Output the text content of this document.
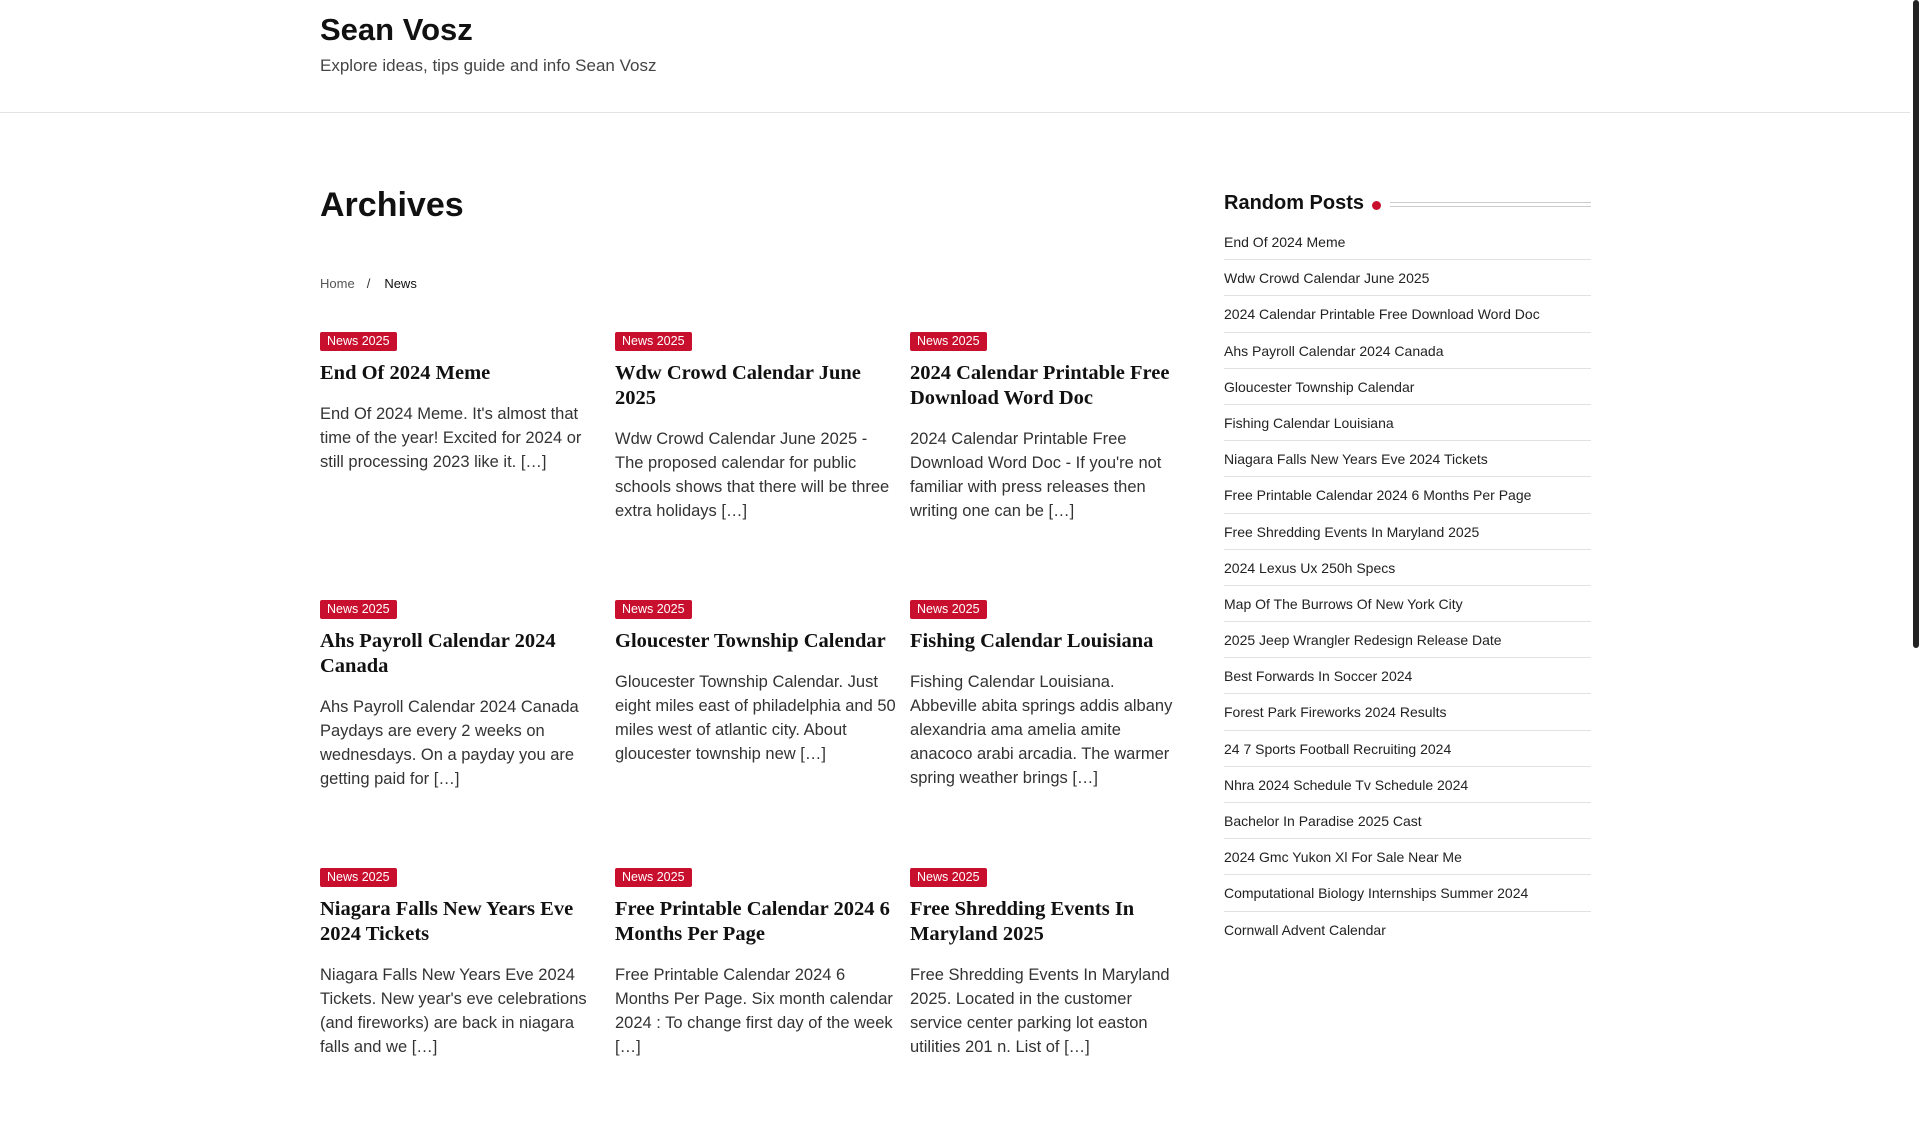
Sean Vosz
Explore ideas, tips guide and info Sean Vosz
Archives
Home / News
News 2025
End Of 2024 Meme

End Of 2024 Meme. It's almost that time of the year! Excited for 2024 or still processing 2023 like it. […]

News 2025
Wdw Crowd Calendar June 2025

Wdw Crowd Calendar June 2025 - The proposed calendar for public schools shows that there will be three extra holidays […]

News 2025
2024 Calendar Printable Free Download Word Doc

2024 Calendar Printable Free Download Word Doc - If you're not familiar with press releases then writing one can be […]

News 2025
Ahs Payroll Calendar 2024 Canada

Ahs Payroll Calendar 2024 Canada Paydays are every 2 weeks on wednesdays. On a payday you are getting paid for […]

News 2025
Gloucester Township Calendar

Gloucester Township Calendar. Just eight miles east of philadelphia and 50 miles west of atlantic city. About gloucester township new […]

News 2025
Fishing Calendar Louisiana

Fishing Calendar Louisiana. Abbeville abita springs addis albany alexandria ama amelia amite anacoco arabi arcadia. The warmer spring weather brings […]

News 2025
Niagara Falls New Years Eve 2024 Tickets

Niagara Falls New Years Eve 2024 Tickets. New year's eve celebrations (and fireworks) are back in niagara falls and we […]

News 2025
Free Printable Calendar 2024 6 Months Per Page

Free Printable Calendar 2024 6 Months Per Page. Six month calendar 2024 : To change first day of the week […]

News 2025
Free Shredding Events In Maryland 2025

Free Shredding Events In Maryland 2025. Located in the customer service center parking lot easton utilities 201 n. List of […]

Random Posts
End Of 2024 Meme
Wdw Crowd Calendar June 2025
2024 Calendar Printable Free Download Word Doc
Ahs Payroll Calendar 2024 Canada
Gloucester Township Calendar
Fishing Calendar Louisiana
Niagara Falls New Years Eve 2024 Tickets
Free Printable Calendar 2024 6 Months Per Page
Free Shredding Events In Maryland 2025
2024 Lexus Ux 250h Specs
Map Of The Burrows Of New York City
2025 Jeep Wrangler Redesign Release Date
Best Forwards In Soccer 2024
Forest Park Fireworks 2024 Results
24 7 Sports Football Recruiting 2024
Nhra 2024 Schedule Tv Schedule 2024
Bachelor In Paradise 2025 Cast
2024 Gmc Yukon Xl For Sale Near Me
Computational Biology Internships Summer 2024
Cornwall Advent Calendar
